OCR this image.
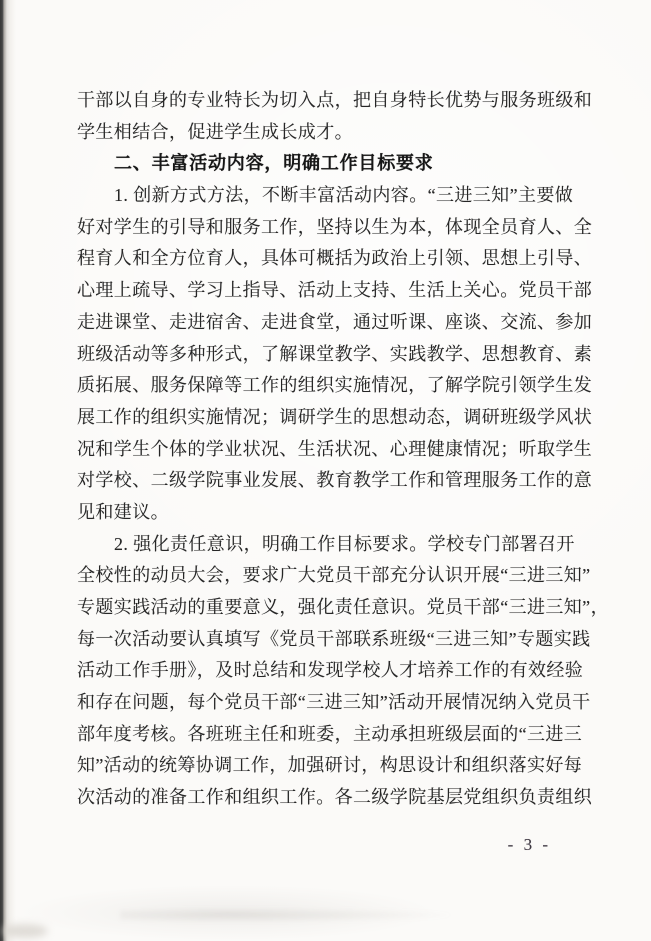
干部以自身的专业特长为切入点，把自身特长优势与服务班级和
学生相结合，促进学生成长成才。
二、丰富活动内容，明确工作目标要求
1. 创新方式方法，不断丰富活动内容。“三进三知”主要做
好对学生的引导和服务工作，坚持以生为本，体现全员育人、全
程育人和全方位育人，具体可概括为政治上引领、思想上引导、
心理上疏导、学习上指导、活动上支持、生活上关心。党员干部
走进课堂、走进宿舍、走进食堂，通过听课、座谈、交流、参加
班级活动等多种形式，了解课堂教学、实践教学、思想教育、素
质拓展、服务保障等工作的组织实施情况，了解学院引领学生发
展工作的组织实施情况；调研学生的思想动态，调研班级学风状
况和学生个体的学业状况、生活状况、心理健康情况；听取学生
对学校、二级学院事业发展、教育教学工作和管理服务工作的意
见和建议。
2. 强化责任意识，明确工作目标要求。学校专门部署召开
全校性的动员大会，要求广大党员干部充分认识开展“三进三知”
专题实践活动的重要意义，强化责任意识。党员干部“三进三知”，
每一次活动要认真填写《党员干部联系班级“三进三知”专题实践
活动工作手册》，及时总结和发现学校人才培养工作的有效经验
和存在问题，每个党员干部“三进三知”活动开展情况纳入党员干
部年度考核。各班班主任和班委，主动承担班级层面的“三进三
知”活动的统筹协调工作，加强研讨，构思设计和组织落实好每
次活动的准备工作和组织工作。各二级学院基层党组织负责组织
- 3 -
